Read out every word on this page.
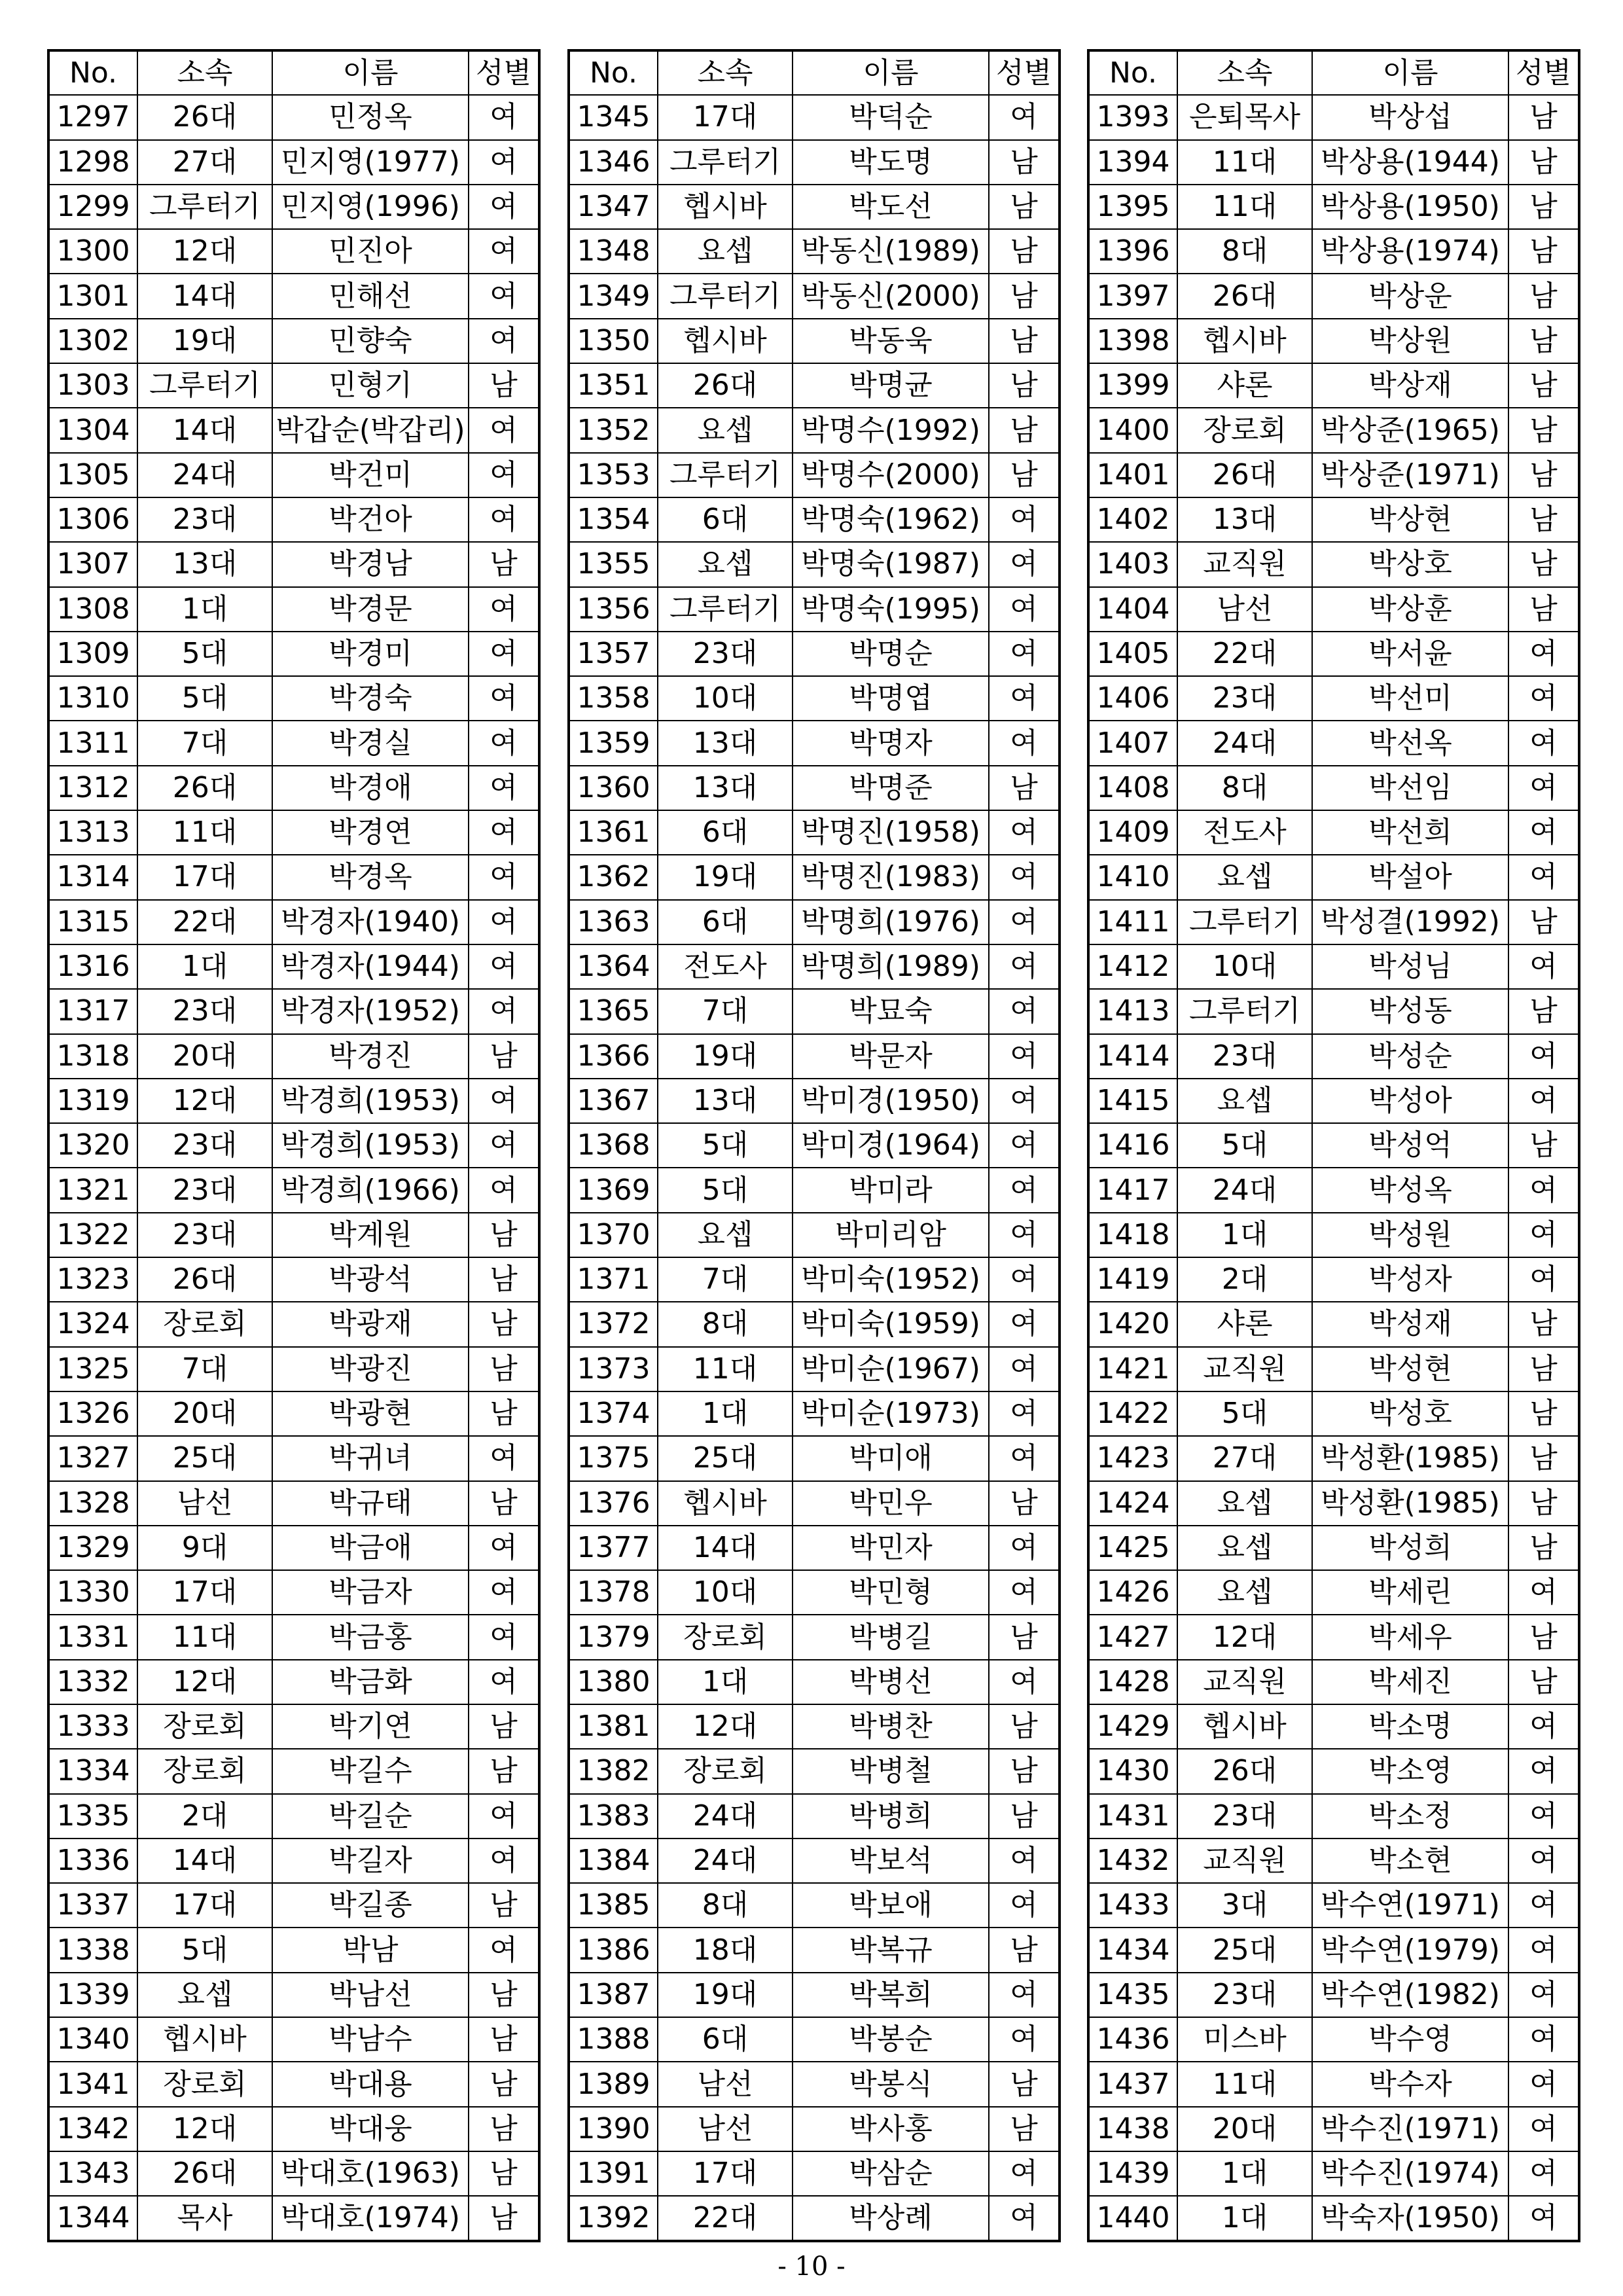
No.	소속	이름	성별
1297	26대	민정옥	여
1298	27대	민지영(1977)	여
1299	그루터기	민지영(1996)	여
1300	12대	민진아	여
1301	14대	민해선	여
1302	19대	민향숙	여
1303	그루터기	민형기	남
1304	14대	박갑순(박갑리)	여
1305	24대	박건미	여
1306	23대	박건아	여
1307	13대	박경남	남
1308	1대	박경문	여
1309	5대	박경미	여
1310	5대	박경숙	여
1311	7대	박경실	여
1312	26대	박경애	여
1313	11대	박경연	여
1314	17대	박경옥	여
1315	22대	박경자(1940)	여
1316	1대	박경자(1944)	여
1317	23대	박경자(1952)	여
1318	20대	박경진	남
1319	12대	박경희(1953)	여
1320	23대	박경희(1953)	여
1321	23대	박경희(1966)	여
1322	23대	박계원	남
1323	26대	박광석	남
1324	장로회	박광재	남
1325	7대	박광진	남
1326	20대	박광현	남
1327	25대	박귀녀	여
1328	남선	박규태	남
1329	9대	박금애	여
1330	17대	박금자	여
1331	11대	박금홍	여
1332	12대	박금화	여
1333	장로회	박기연	남
1334	장로회	박길수	남
1335	2대	박길순	여
1336	14대	박길자	여
1337	17대	박길종	남
1338	5대	박남	여
1339	요셉	박남선	남
1340	헵시바	박남수	남
1341	장로회	박대용	남
1342	12대	박대웅	남
1343	26대	박대호(1963)	남
1344	목사	박대호(1974)	남
No.	소속	이름	성별
1345	17대	박덕순	여
1346	그루터기	박도명	남
1347	헵시바	박도선	남
1348	요셉	박동신(1989)	남
1349	그루터기	박동신(2000)	남
1350	헵시바	박동욱	남
1351	26대	박명균	남
1352	요셉	박명수(1992)	남
1353	그루터기	박명수(2000)	남
1354	6대	박명숙(1962)	여
1355	요셉	박명숙(1987)	여
1356	그루터기	박명숙(1995)	여
1357	23대	박명순	여
1358	10대	박명엽	여
1359	13대	박명자	여
1360	13대	박명준	남
1361	6대	박명진(1958)	여
1362	19대	박명진(1983)	여
1363	6대	박명희(1976)	여
1364	전도사	박명희(1989)	여
1365	7대	박묘숙	여
1366	19대	박문자	여
1367	13대	박미경(1950)	여
1368	5대	박미경(1964)	여
1369	5대	박미라	여
1370	요셉	박미리암	여
1371	7대	박미숙(1952)	여
1372	8대	박미숙(1959)	여
1373	11대	박미순(1967)	여
1374	1대	박미순(1973)	여
1375	25대	박미애	여
1376	헵시바	박민우	남
1377	14대	박민자	여
1378	10대	박민형	여
1379	장로회	박병길	남
1380	1대	박병선	여
1381	12대	박병찬	남
1382	장로회	박병철	남
1383	24대	박병희	남
1384	24대	박보석	여
1385	8대	박보애	여
1386	18대	박복규	남
1387	19대	박복희	여
1388	6대	박봉순	여
1389	남선	박봉식	남
1390	남선	박사홍	남
1391	17대	박삼순	여
1392	22대	박상례	여
No.	소속	이름	성별
1393	은퇴목사	박상섭	남
1394	11대	박상용(1944)	남
1395	11대	박상용(1950)	남
1396	8대	박상용(1974)	남
1397	26대	박상운	남
1398	헵시바	박상원	남
1399	샤론	박상재	남
1400	장로회	박상준(1965)	남
1401	26대	박상준(1971)	남
1402	13대	박상현	남
1403	교직원	박상호	남
1404	남선	박상훈	남
1405	22대	박서윤	여
1406	23대	박선미	여
1407	24대	박선옥	여
1408	8대	박선임	여
1409	전도사	박선희	여
1410	요셉	박설아	여
1411	그루터기	박성결(1992)	남
1412	10대	박성님	여
1413	그루터기	박성동	남
1414	23대	박성순	여
1415	요셉	박성아	여
1416	5대	박성억	남
1417	24대	박성옥	여
1418	1대	박성원	여
1419	2대	박성자	여
1420	샤론	박성재	남
1421	교직원	박성현	남
1422	5대	박성호	남
1423	27대	박성환(1985)	남
1424	요셉	박성환(1985)	남
1425	요셉	박성희	남
1426	요셉	박세린	여
1427	12대	박세우	남
1428	교직원	박세진	남
1429	헵시바	박소명	여
1430	26대	박소영	여
1431	23대	박소정	여
1432	교직원	박소현	여
1433	3대	박수연(1971)	여
1434	25대	박수연(1979)	여
1435	23대	박수연(1982)	여
1436	미스바	박수영	여
1437	11대	박수자	여
1438	20대	박수진(1971)	여
1439	1대	박수진(1974)	여
1440	1대	박숙자(1950)	여
- 10 -
